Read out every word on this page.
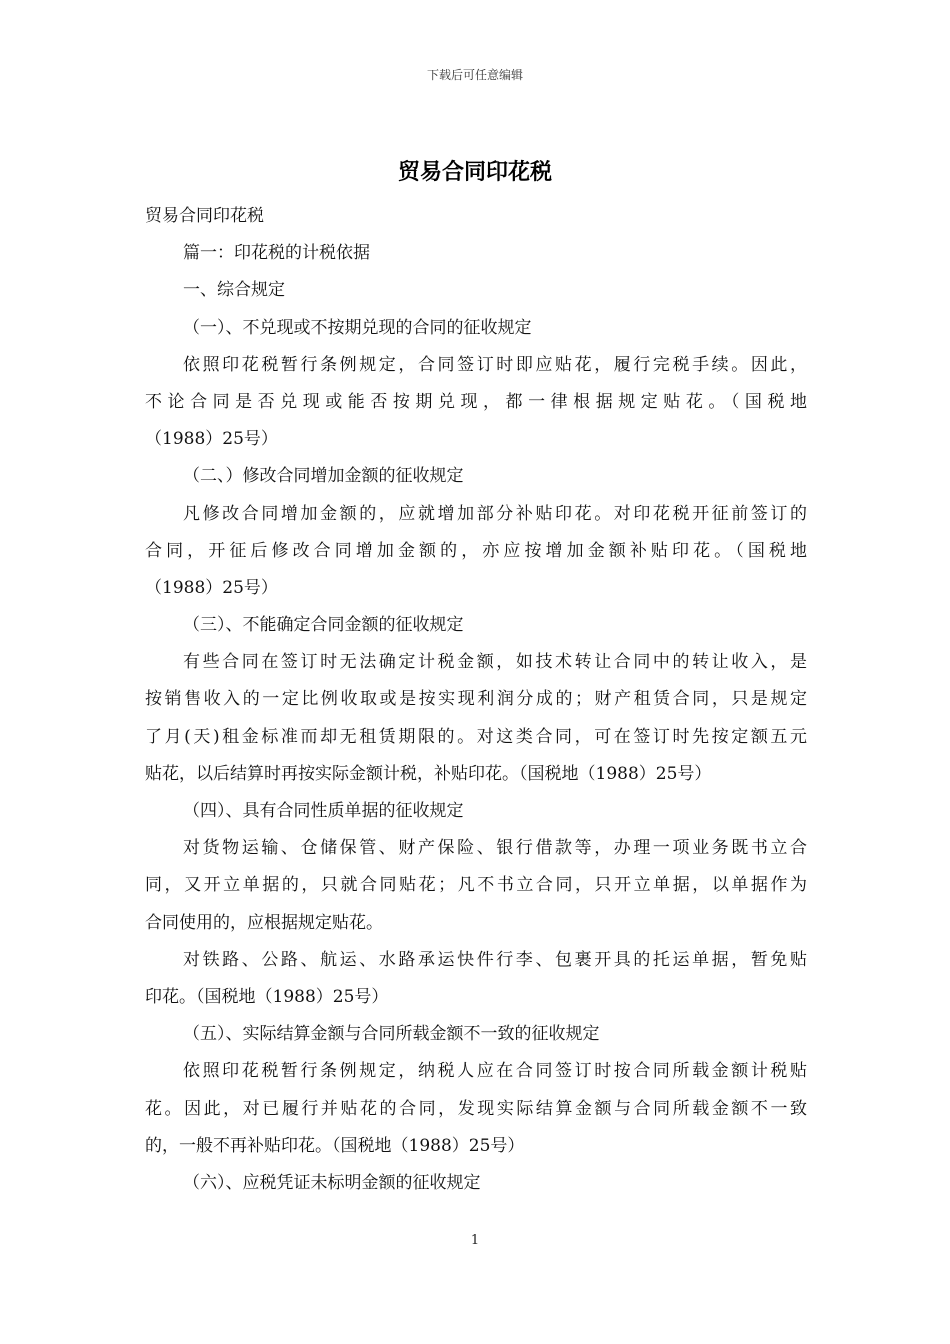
下载后可任意编辑
贸易合同印花税
贸易合同印花税
篇一：印花税的计税依据
一、综合规定
（一）、不兑现或不按期兑现的合同的征收规定
依照印花税暂行条例规定，合同签订时即应贴花，履行完税手续。因此，
不论合同是否兑现或能否按期兑现，都一律根据规定贴花。（国税地
（1988）25号）
（二、）修改合同增加金额的征收规定
凡修改合同增加金额的，应就增加部分补贴印花。对印花税开征前签订的
合同，开征后修改合同增加金额的，亦应按增加金额补贴印花。（国税地
（1988）25号）
（三）、不能确定合同金额的征收规定
有些合同在签订时无法确定计税金额，如技术转让合同中的转让收入，是
按销售收入的一定比例收取或是按实现利润分成的；财产租赁合同，只是规定
了月(天)租金标准而却无租赁期限的。对这类合同，可在签订时先按定额五元
贴花，以后结算时再按实际金额计税，补贴印花。（国税地（1988）25号）
（四）、具有合同性质单据的征收规定
对货物运输、仓储保管、财产保险、银行借款等，办理一项业务既书立合
同，又开立单据的，只就合同贴花；凡不书立合同，只开立单据，以单据作为
合同使用的，应根据规定贴花。
对铁路、公路、航运、水路承运快件行李、包裹开具的托运单据，暂免贴
印花。（国税地（1988）25号）
（五）、实际结算金额与合同所载金额不一致的征收规定
依照印花税暂行条例规定，纳税人应在合同签订时按合同所载金额计税贴
花。因此，对已履行并贴花的合同，发现实际结算金额与合同所载金额不一致
的，一般不再补贴印花。（国税地（1988）25号）
（六）、应税凭证未标明金额的征收规定
1
